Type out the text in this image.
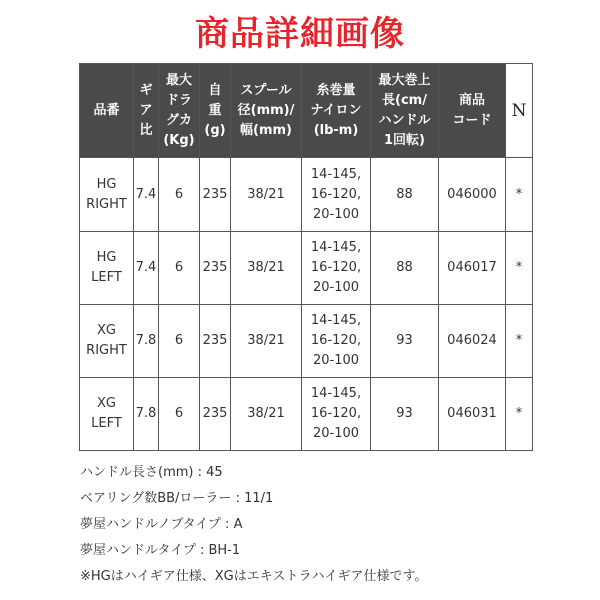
商品詳細画像
品番	ギ
ア
比	最大
ドラ
グカ
(Kg)	自
重
(g)	スプール
径(mm)/
幅(mm)	糸巻量
ナイロン
(lb-m)	最大巻上
長(cm/
ハンドル
1回転)	商品
コード	N

HG
RIGHT	7.4	6	235	38/21	14-145,
16-120,
20-100	88	046000	*

HG
LEFT	7.4	6	235	38/21	14-145,
16-120,
20-100	88	046017	*

XG
RIGHT	7.8	6	235	38/21	14-145,
16-120,
20-100	93	046024	*

XG
LEFT	7.8	6	235	38/21	14-145,
16-120,
20-100	93	046031	*
ハンドル長さ(mm) : 45
ベアリング数BB/ローラー : 11/1
夢屋ハンドルノブタイプ : A
夢屋ハンドルタイプ : BH-1
※HGはハイギア仕様、XGはエキストラハイギア仕様です。
